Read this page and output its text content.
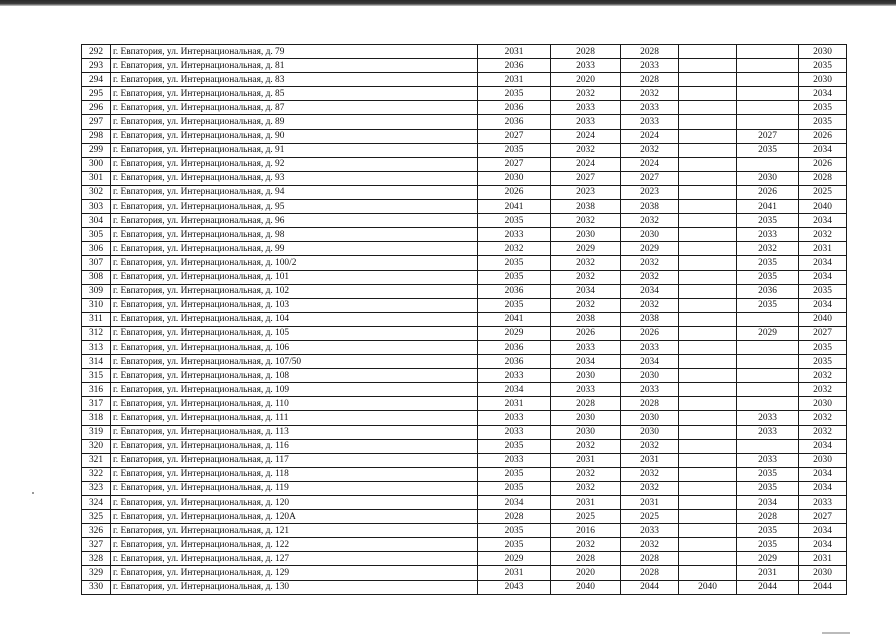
292	г. Евпатория, ул. Интернациональная, д. 79	2031	2028	2028			2030
293	г. Евпатория, ул. Интернациональная, д. 81	2036	2033	2033			2035
294	г. Евпатория, ул. Интернациональная, д. 83	2031	2020	2028			2030
295	г. Евпатория, ул. Интернациональная, д. 85	2035	2032	2032			2034
296	г. Евпатория, ул. Интернациональная, д. 87	2036	2033	2033			2035
297	г. Евпатория, ул. Интернациональная, д. 89	2036	2033	2033			2035
298	г. Евпатория, ул. Интернациональная, д. 90	2027	2024	2024		2027	2026
299	г. Евпатория, ул. Интернациональная, д. 91	2035	2032	2032		2035	2034
300	г. Евпатория, ул. Интернациональная, д. 92	2027	2024	2024			2026
301	г. Евпатория, ул. Интернациональная, д. 93	2030	2027	2027		2030	2028
302	г. Евпатория, ул. Интернациональная, д. 94	2026	2023	2023		2026	2025
303	г. Евпатория, ул. Интернациональная, д. 95	2041	2038	2038		2041	2040
304	г. Евпатория, ул. Интернациональная, д. 96	2035	2032	2032		2035	2034
305	г. Евпатория, ул. Интернациональная, д. 98	2033	2030	2030		2033	2032
306	г. Евпатория, ул. Интернациональная, д. 99	2032	2029	2029		2032	2031
307	г. Евпатория, ул. Интернациональная, д. 100/2	2035	2032	2032		2035	2034
308	г. Евпатория, ул. Интернациональная, д. 101	2035	2032	2032		2035	2034
309	г. Евпатория, ул. Интернациональная, д. 102	2036	2034	2034		2036	2035
310	г. Евпатория, ул. Интернациональная, д. 103	2035	2032	2032		2035	2034
311	г. Евпатория, ул. Интернациональная, д. 104	2041	2038	2038			2040
312	г. Евпатория, ул. Интернациональная, д. 105	2029	2026	2026		2029	2027
313	г. Евпатория, ул. Интернациональная, д. 106	2036	2033	2033			2035
314	г. Евпатория, ул. Интернациональная, д. 107/50	2036	2034	2034			2035
315	г. Евпатория, ул. Интернациональная, д. 108	2033	2030	2030			2032
316	г. Евпатория, ул. Интернациональная, д. 109	2034	2033	2033			2032
317	г. Евпатория, ул. Интернациональная, д. 110	2031	2028	2028			2030
318	г. Евпатория, ул. Интернациональная, д. 111	2033	2030	2030		2033	2032
319	г. Евпатория, ул. Интернациональная, д. 113	2033	2030	2030		2033	2032
320	г. Евпатория, ул. Интернациональная, д. 116	2035	2032	2032			2034
321	г. Евпатория, ул. Интернациональная, д. 117	2033	2031	2031		2033	2030
322	г. Евпатория, ул. Интернациональная, д. 118	2035	2032	2032		2035	2034
323	г. Евпатория, ул. Интернациональная, д. 119	2035	2032	2032		2035	2034
324	г. Евпатория, ул. Интернациональная, д. 120	2034	2031	2031		2034	2033
325	г. Евпатория, ул. Интернациональная, д. 120А	2028	2025	2025		2028	2027
326	г. Евпатория, ул. Интернациональная, д. 121	2035	2016	2033		2035	2034
327	г. Евпатория, ул. Интернациональная, д. 122	2035	2032	2032		2035	2034
328	г. Евпатория, ул. Интернациональная, д. 127	2029	2028	2028		2029	2031
329	г. Евпатория, ул. Интернациональная, д. 129	2031	2020	2028		2031	2030
330	г. Евпатория, ул. Интернациональная, д. 130	2043	2040	2044	2040	2044	2044
